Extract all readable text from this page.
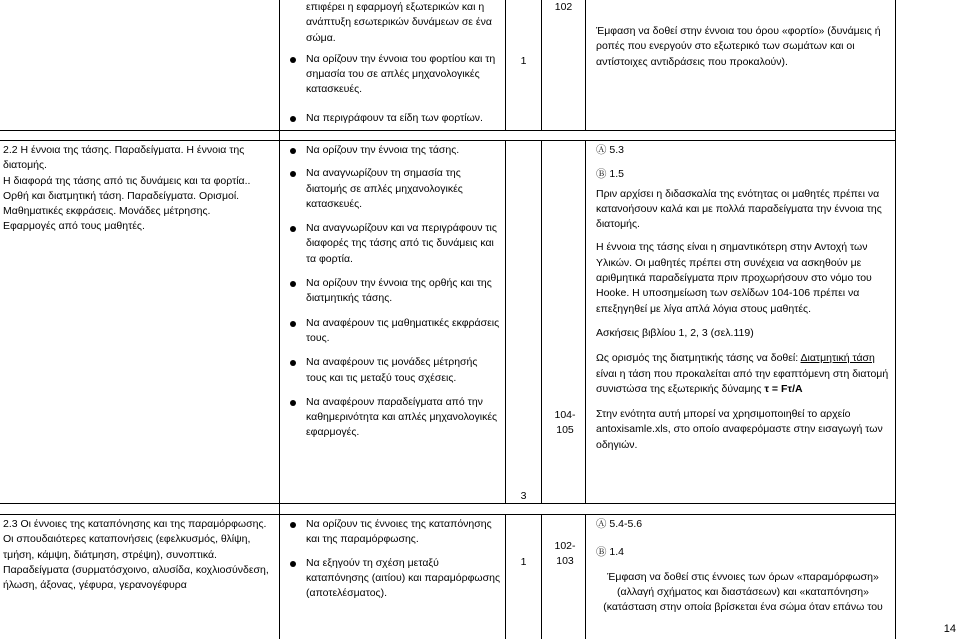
επιφέρει η εφαρμογή εξωτερικών και η ανάπτυξη εσωτερικών δυνάμεων σε ένα σώμα.

Να ορίζουν την έννοια του φορτίου και τη σημασία του σε απλές μηχανολογικές κατασκευές.
Να περιγράφουν τα είδη των φορτίων.
1
102
Έμφαση να δοθεί στην έννοια του όρου «φορτίο» (δυνάμεις ή ροπές που ενεργούν στο εξωτερικό των σωμάτων και οι αντίστοιχες αντιδράσεις που προκαλούν).

2.2 Η έννοια της τάσης. Παραδείγματα. Η έννοια της διατομής.

Η διαφορά της τάσης από τις δυνάμεις και τα φορτία..

Ορθή και διατμητική τάση. Παραδείγματα. Ορισμοί.

Μαθηματικές εκφράσεις. Μονάδες μέτρησης.

Εφαρμογές από τους μαθητές.

Να ορίζουν την έννοια της τάσης.
Να αναγνωρίζουν τη σημασία της διατομής σε απλές μηχανολογικές κατασκευές.
Να αναγνωρίζουν και να περιγράφουν τις διαφορές της τάσης από τις δυνάμεις και τα φορτία.
Να ορίζουν την έννοια της ορθής και της διατμητικής τάσης.
Να αναφέρουν τις μαθηματικές εκφράσεις τους.
Να αναφέρουν τις μονάδες μέτρησής τους και τις μεταξύ τους σχέσεις.
Να αναφέρουν παραδείγματα από την καθημερινότητα και απλές μηχανολογικές εφαρμογές.
3
104-
105

Ⓐ 5.3

Ⓑ 1.5

Πριν αρχίσει η διδασκαλία της ενότητας οι μαθητές πρέπει να κατανοήσουν καλά και με πολλά παραδείγματα την έννοια της διατομής.

Η έννοια της τάσης είναι η σημαντικότερη στην Αντοχή των Υλικών. Οι μαθητές πρέπει στη συνέχεια να ασκηθούν με αριθμητικά παραδείγματα πριν προχωρήσουν στο νόμο του Hooke. Η υποσημείωση των σελίδων 104-106 πρέπει να επεξηγηθεί με λίγα απλά λόγια στους μαθητές.

Ασκήσεις βιβλίου 1, 2, 3 (σελ.119)

Ως ορισμός της διατμητικής τάσης να δοθεί: Διατμητική τάση είναι η τάση που προκαλείται από την εφαπτόμενη στη διατομή συνιστώσα της εξωτερικής δύναμης τ = Fτ/A

Στην ενότητα αυτή μπορεί να χρησιμοποιηθεί το αρχείο antoxisamle.xls, στο οποίο αναφερόμαστε στην εισαγωγή των οδηγιών.

2.3 Οι έννοιες της καταπόνησης και της παραμόρφωσης.

Οι σπουδαιότερες καταπονήσεις (εφελκυσμός, θλίψη, τμήση, κάμψη, διάτμηση, στρέψη), συνοπτικά.

Παραδείγματα (συρματόσχοινο, αλυσίδα, κοχλιοσύνδεση, ήλωση, άξονας, γέφυρα, γερανογέφυρα

Να ορίζουν τις έννοιες της καταπόνησης και της παραμόρφωσης.
Να εξηγούν τη σχέση μεταξύ καταπόνησης (αιτίου) και παραμόρφωσης (αποτελέσματος).
1
102-
103

Ⓐ 5.4-5.6

Ⓑ 1.4

Έμφαση να δοθεί στις έννοιες των όρων «παραμόρφωση» (αλλαγή σχήματος και διαστάσεων) και «καταπόνηση» (κατάσταση στην οποία βρίσκεται ένα σώμα όταν επάνω του

14
